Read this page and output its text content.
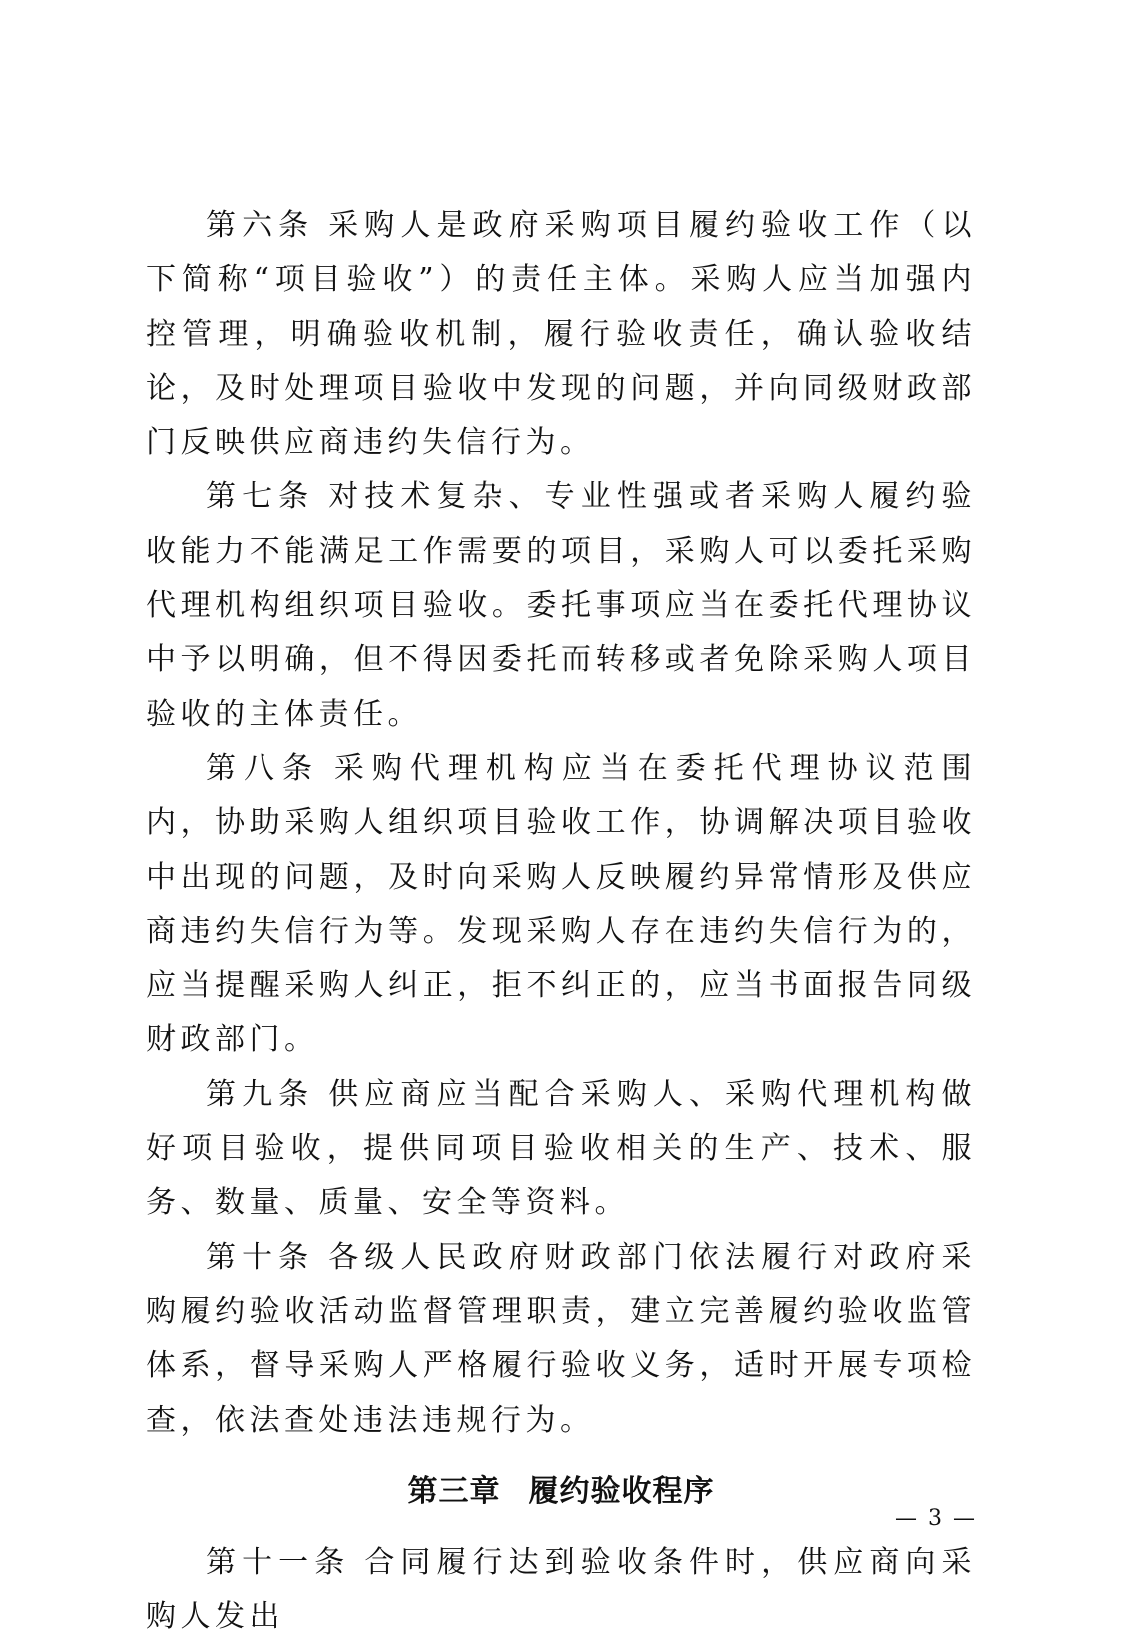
第六条 采购人是政府采购项目履约验收工作（以下简称“项目验收”）的责任主体。采购人应当加强内控管理，明确验收机制，履行验收责任，确认验收结论，及时处理项目验收中发现的问题，并向同级财政部门反映供应商违约失信行为。

第七条 对技术复杂、专业性强或者采购人履约验收能力不能满足工作需要的项目，采购人可以委托采购代理机构组织项目验收。委托事项应当在委托代理协议中予以明确，但不得因委托而转移或者免除采购人项目验收的主体责任。

第八条 采购代理机构应当在委托代理协议范围内，协助采购人组织项目验收工作，协调解决项目验收中出现的问题，及时向采购人反映履约异常情形及供应商违约失信行为等。发现采购人存在违约失信行为的，应当提醒采购人纠正，拒不纠正的，应当书面报告同级财政部门。

第九条 供应商应当配合采购人、采购代理机构做好项目验收，提供同项目验收相关的生产、技术、服务、数量、质量、安全等资料。

第十条 各级人民政府财政部门依法履行对政府采购履约验收活动监督管理职责，建立完善履约验收监管体系，督导采购人严格履行验收义务，适时开展专项检查，依法查处违法违规行为。

第三章 履约验收程序

第十一条 合同履行达到验收条件时，供应商向采购人发出

— 3 —
